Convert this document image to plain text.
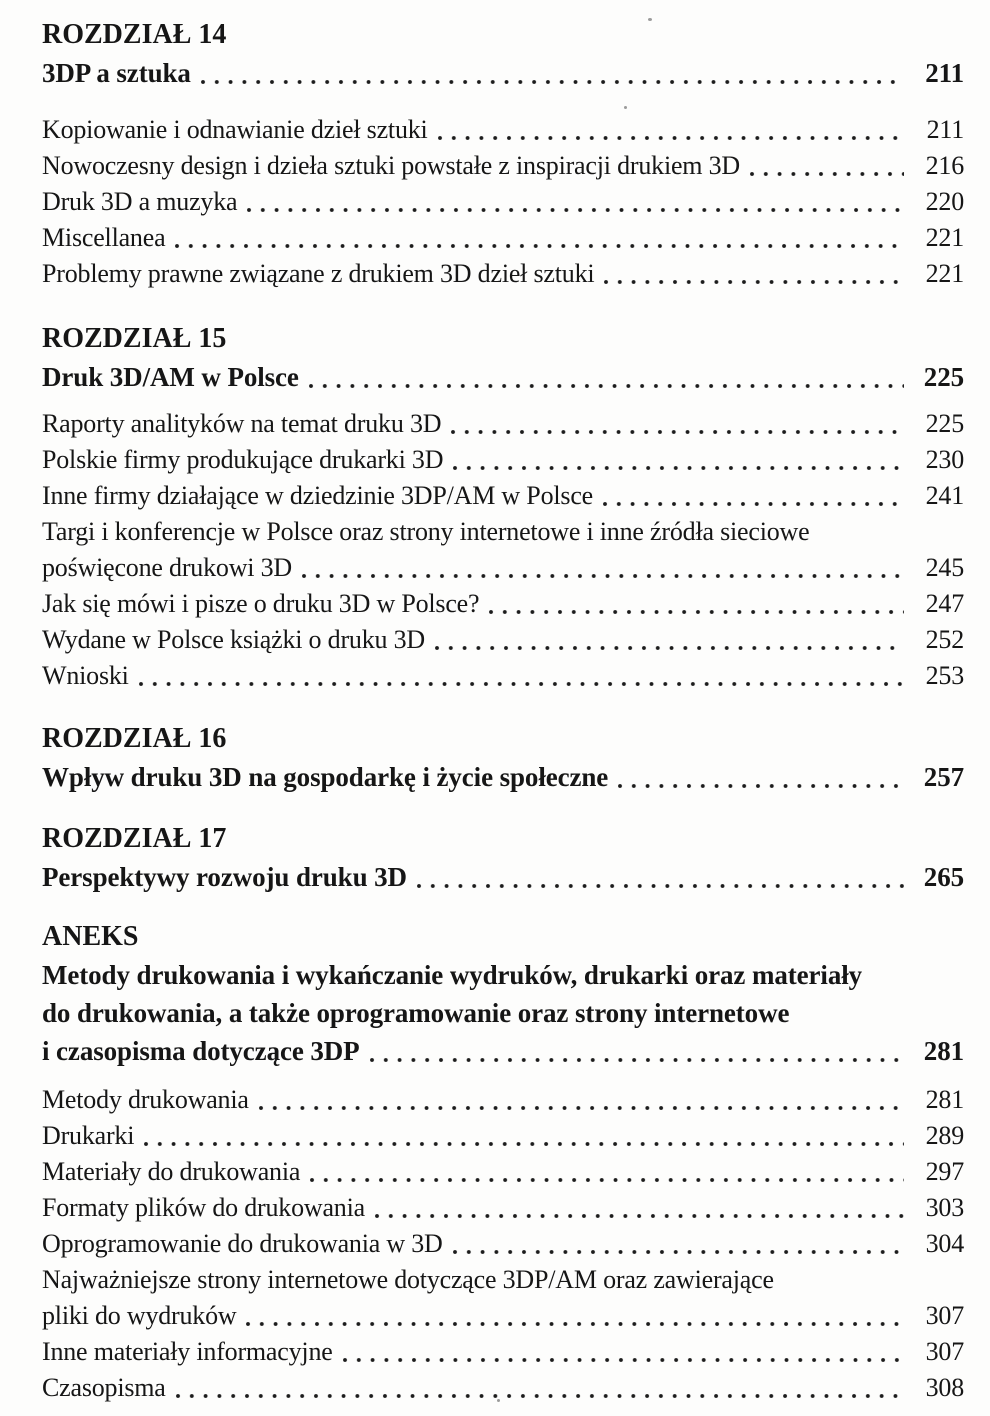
ROZDZIAŁ 14
3DP a sztuka	211
Kopiowanie i odnawianie dzieł sztuki	211
Nowoczesny design i dzieła sztuki powstałe z inspiracji drukiem 3D	216
Druk 3D a muzyka	220
Miscellanea	221
Problemy prawne związane z drukiem 3D dzieł sztuki	221
ROZDZIAŁ 15
Druk 3D/AM w Polsce	225
Raporty analityków na temat druku 3D	225
Polskie firmy produkujące drukarki 3D	230
Inne firmy działające w dziedzinie 3DP/AM w Polsce	241
Targi i konferencje w Polsce oraz strony internetowe i inne źródła sieciowe
poświęcone drukowi 3D	245
Jak się mówi i pisze o druku 3D w Polsce?	247
Wydane w Polsce książki o druku 3D	252
Wnioski	253
ROZDZIAŁ 16
Wpływ druku 3D na gospodarkę i życie społeczne	257
ROZDZIAŁ 17
Perspektywy rozwoju druku 3D	265
ANEKS
Metody drukowania i wykańczanie wydruków, drukarki oraz materiały
do drukowania, a także oprogramowanie oraz strony internetowe
i czasopisma dotyczące 3DP	281
Metody drukowania	281
Drukarki	289
Materiały do drukowania	297
Formaty plików do drukowania	303
Oprogramowanie do drukowania w 3D	304
Najważniejsze strony internetowe dotyczące 3DP/AM oraz zawierające
pliki do wydruków	307
Inne materiały informacyjne	307
Czasopisma	308
